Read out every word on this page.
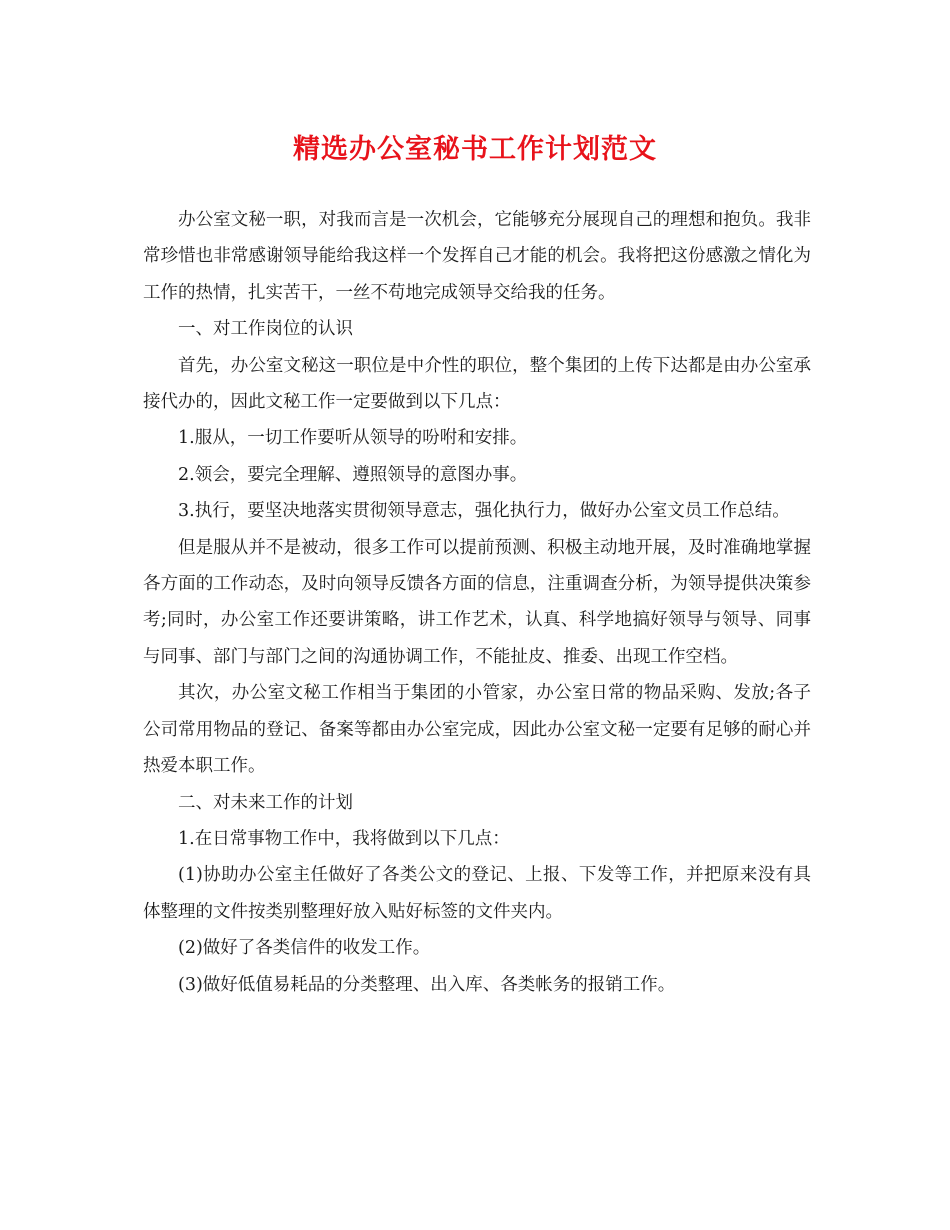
精选办公室秘书工作计划范文

办公室文秘一职，对我而言是一次机会，它能够充分展现自己的理想和抱负。我非常珍惜也非常感谢领导能给我这样一个发挥自己才能的机会。我将把这份感激之情化为工作的热情，扎实苦干，一丝不苟地完成领导交给我的任务。

一、对工作岗位的认识

首先，办公室文秘这一职位是中介性的职位，整个集团的上传下达都是由办公室承接代办的，因此文秘工作一定要做到以下几点：

1.服从，一切工作要听从领导的吩咐和安排。

2.领会，要完全理解、遵照领导的意图办事。

3.执行，要坚决地落实贯彻领导意志，强化执行力，做好办公室文员工作总结。

但是服从并不是被动，很多工作可以提前预测、积极主动地开展，及时准确地掌握各方面的工作动态，及时向领导反馈各方面的信息，注重调查分析，为领导提供决策参考;同时，办公室工作还要讲策略，讲工作艺术，认真、科学地搞好领导与领导、同事与同事、部门与部门之间的沟通协调工作，不能扯皮、推委、出现工作空档。

其次，办公室文秘工作相当于集团的小管家，办公室日常的物品采购、发放;各子公司常用物品的登记、备案等都由办公室完成，因此办公室文秘一定要有足够的耐心并热爱本职工作。

二、对未来工作的计划

1.在日常事物工作中，我将做到以下几点：

(1)协助办公室主任做好了各类公文的登记、上报、下发等工作，并把原来没有具体整理的文件按类别整理好放入贴好标签的文件夹内。

(2)做好了各类信件的收发工作。

(3)做好低值易耗品的分类整理、出入库、各类帐务的报销工作。
